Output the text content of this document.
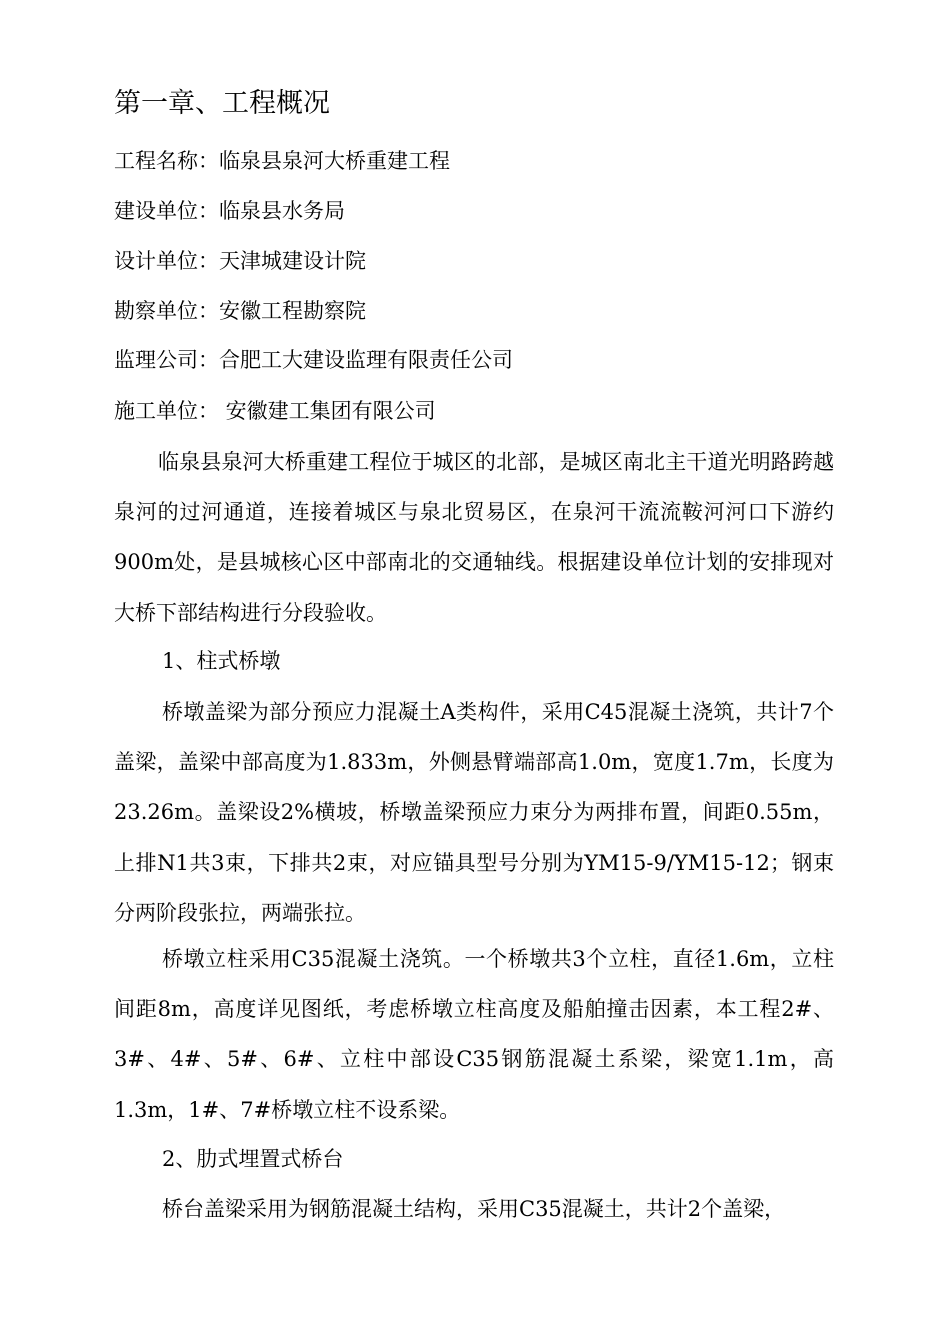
第一章、工程概况
工程名称：临泉县泉河大桥重建工程
建设单位：临泉县水务局
设计单位：天津城建设计院
勘察单位：安徽工程勘察院
监理公司：合肥工大建设监理有限责任公司
施工单位： 安徽建工集团有限公司

临泉县泉河大桥重建工程位于城区的北部，是城区南北主干道光明路跨越泉河的过河通道，连接着城区与泉北贸易区，在泉河干流流鞍河河口下游约900m处，是县城核心区中部南北的交通轴线。根据建设单位计划的安排现对大桥下部结构进行分段验收。

1、柱式桥墩

桥墩盖梁为部分预应力混凝土A类构件，采用C45混凝土浇筑，共计7个盖梁，盖梁中部高度为1.833m，外侧悬臂端部高1.0m，宽度1.7m，长度为23.26m。盖梁设2%横坡，桥墩盖梁预应力束分为两排布置，间距0.55m，上排N1共3束，下排共2束，对应锚具型号分别为YM15-9/YM15-12；钢束分两阶段张拉，两端张拉。

桥墩立柱采用C35混凝土浇筑。一个桥墩共3个立柱，直径1.6m，立柱间距8m，高度详见图纸，考虑桥墩立柱高度及船舶撞击因素，本工程2#、3#、4#、5#、6#、立柱中部设C35钢筋混凝土系梁，梁宽1.1m，高1.3m，1#、7#桥墩立柱不设系梁。

2、肋式埋置式桥台

桥台盖梁采用为钢筋混凝土结构，采用C35混凝土，共计2个盖梁，
